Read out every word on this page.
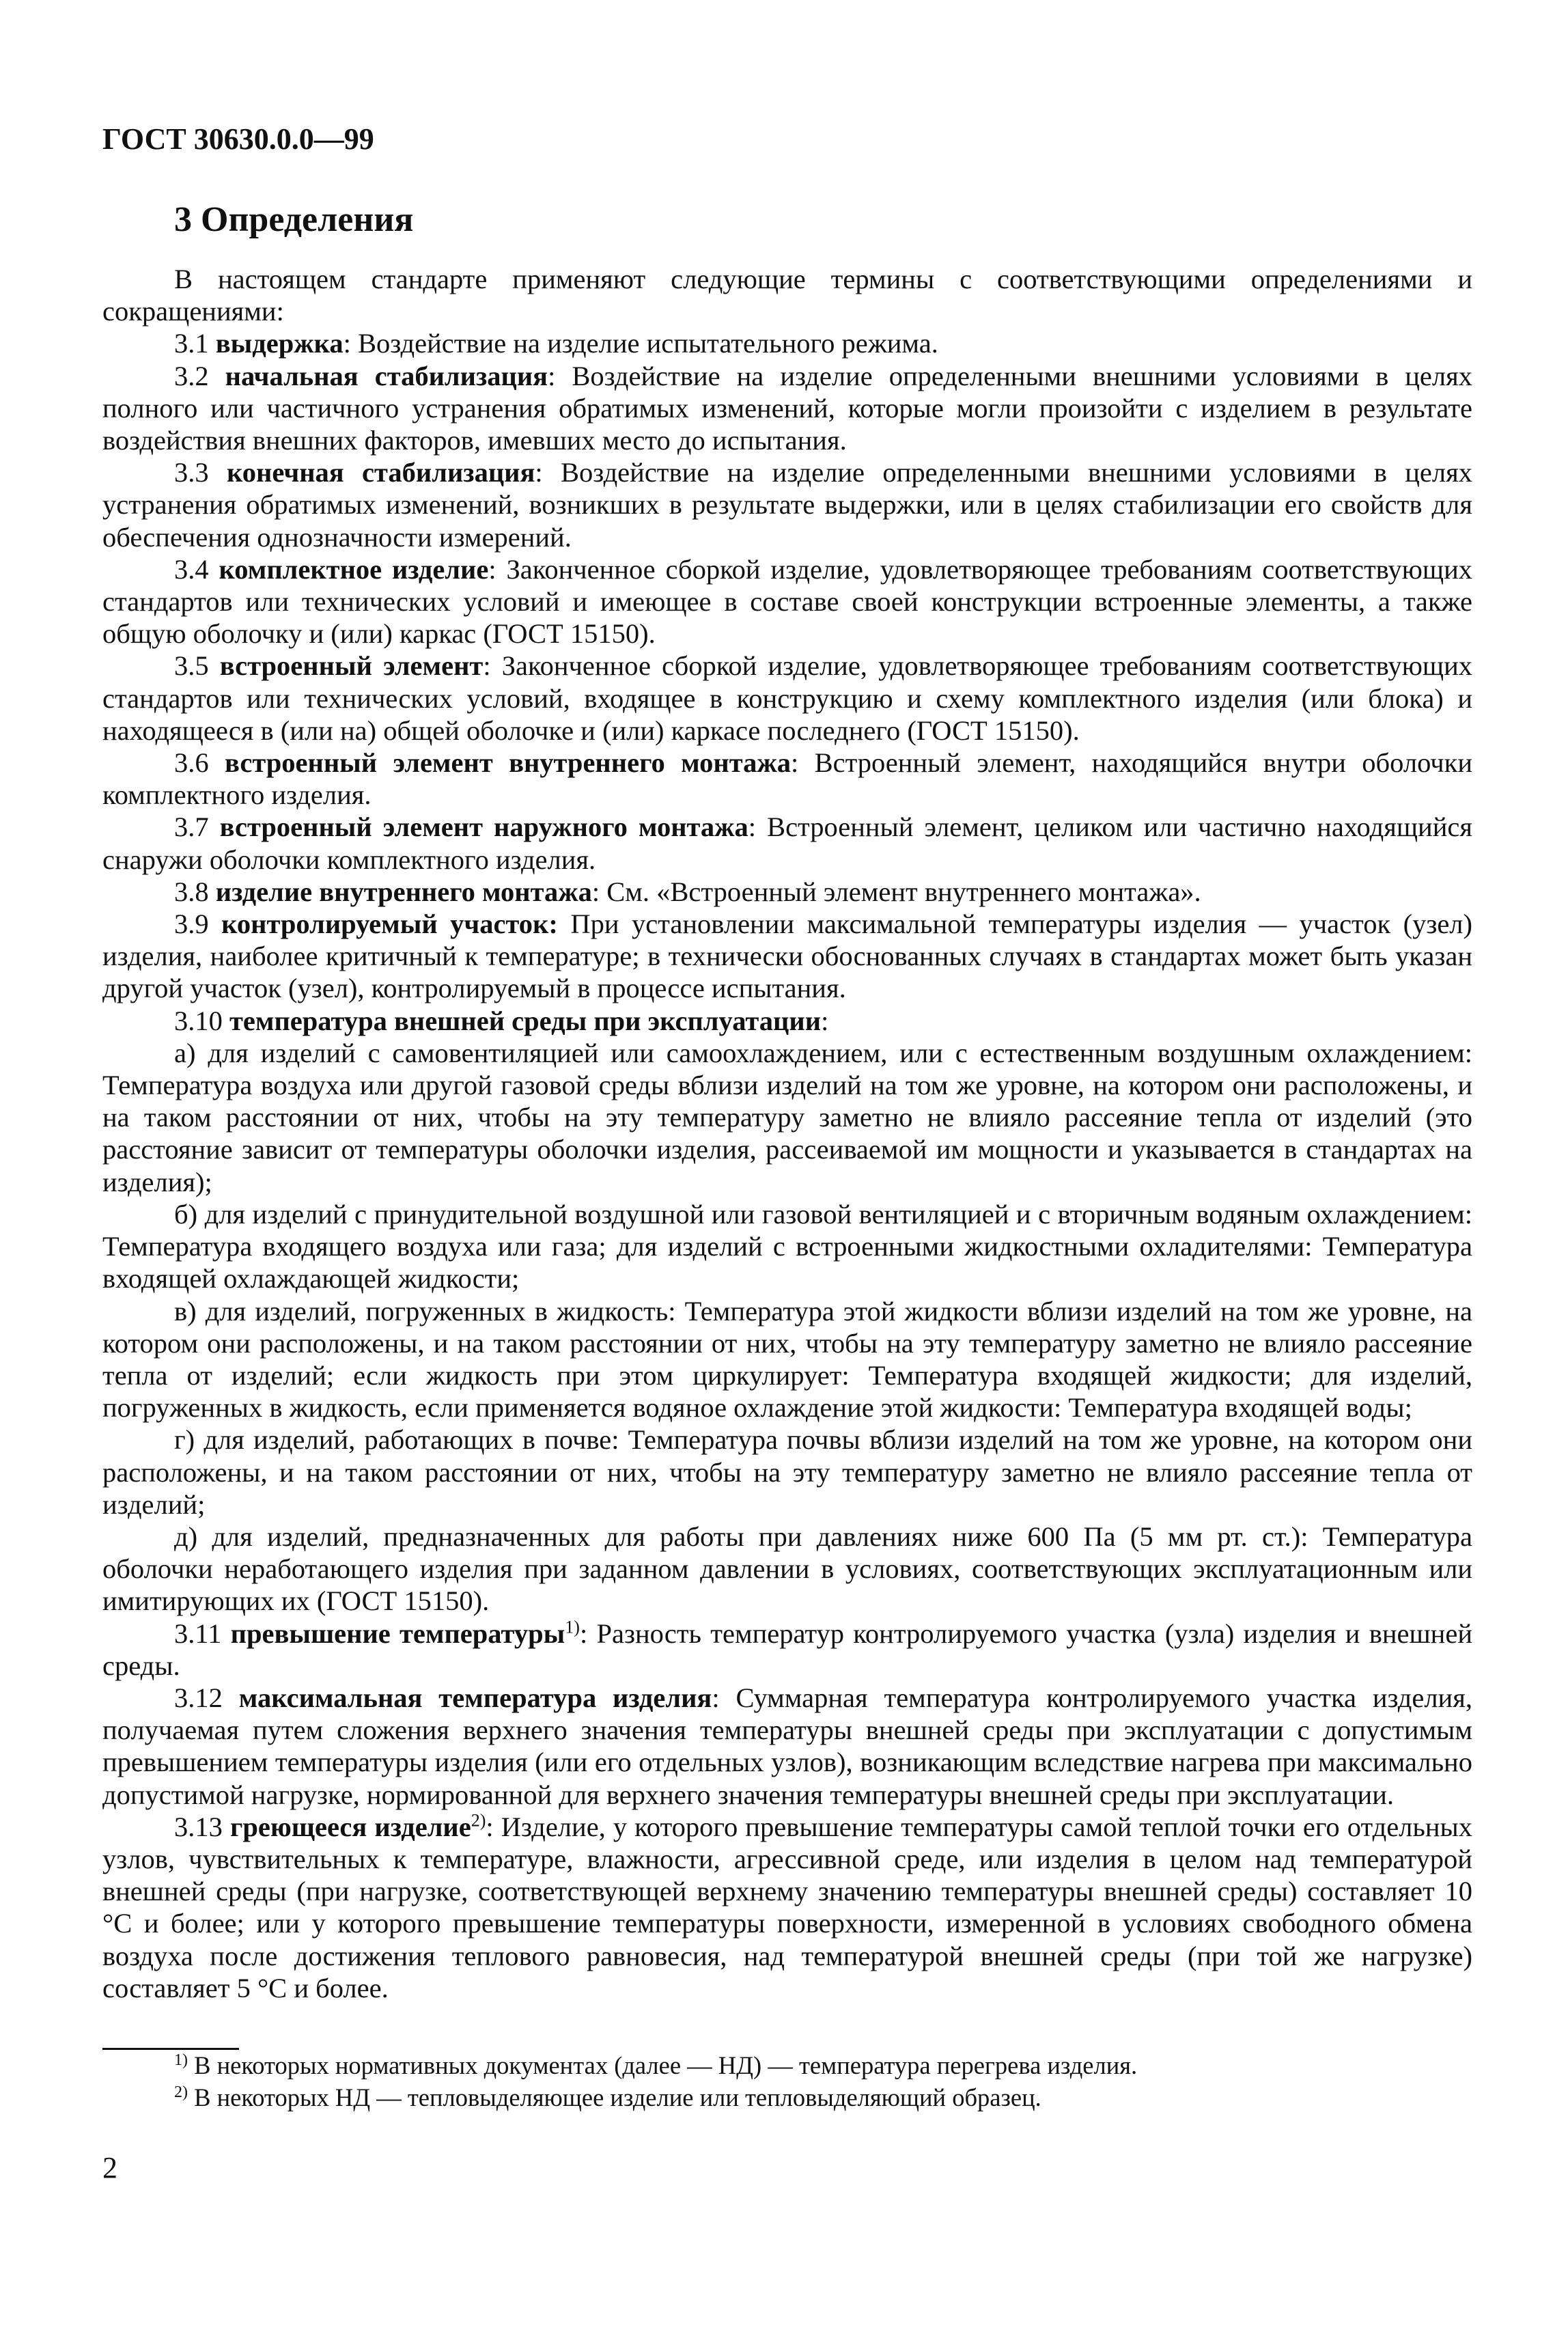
ГОСТ 30630.0.0—99
3 Определения

В настоящем стандарте применяют следующие термины с соответствующими определениями и сокращениями:

3.1 выдержка: Воздействие на изделие испытательного режима.

3.2 начальная стабилизация: Воздействие на изделие определенными внешними условиями в целях полного или частичного устранения обратимых изменений, которые могли произойти с изделием в результате воздействия внешних факторов, имевших место до испытания.

3.3 конечная стабилизация: Воздействие на изделие определенными внешними условиями в целях устранения обратимых изменений, возникших в результате выдержки, или в целях стабилизации его свойств для обеспечения однозначности измерений.

3.4 комплектное изделие: Законченное сборкой изделие, удовлетворяющее требованиям соответствующих стандартов или технических условий и имеющее в составе своей конструкции встроенные элементы, а также общую оболочку и (или) каркас (ГОСТ 15150).

3.5 встроенный элемент: Законченное сборкой изделие, удовлетворяющее требованиям соответствующих стандартов или технических условий, входящее в конструкцию и схему комплектного изделия (или блока) и находящееся в (или на) общей оболочке и (или) каркасе последнего (ГОСТ 15150).

3.6 встроенный элемент внутреннего монтажа: Встроенный элемент, находящийся внутри оболочки комплектного изделия.

3.7 встроенный элемент наружного монтажа: Встроенный элемент, целиком или частично находящийся снаружи оболочки комплектного изделия.

3.8 изделие внутреннего монтажа: См. «Встроенный элемент внутреннего монтажа».

3.9 контролируемый участок: При установлении максимальной температуры изделия — участок (узел) изделия, наиболее критичный к температуре; в технически обоснованных случаях в стандартах может быть указан другой участок (узел), контролируемый в процессе испытания.

3.10 температура внешней среды при эксплуатации:

а) для изделий с самовентиляцией или самоохлаждением, или с естественным воздушным охлаждением: Температура воздуха или другой газовой среды вблизи изделий на том же уровне, на котором они расположены, и на таком расстоянии от них, чтобы на эту температуру заметно не влияло рассеяние тепла от изделий (это расстояние зависит от температуры оболочки изделия, рассеиваемой им мощности и указывается в стандартах на изделия);

б) для изделий с принудительной воздушной или газовой вентиляцией и с вторичным водяным охлаждением: Температура входящего воздуха или газа; для изделий с встроенными жидкостными охладителями: Температура входящей охлаждающей жидкости;

в) для изделий, погруженных в жидкость: Температура этой жидкости вблизи изделий на том же уровне, на котором они расположены, и на таком расстоянии от них, чтобы на эту температуру заметно не влияло рассеяние тепла от изделий; если жидкость при этом циркулирует: Температура входящей жидкости; для изделий, погруженных в жидкость, если применяется водяное охлаждение этой жидкости: Температура входящей воды;

г) для изделий, работающих в почве: Температура почвы вблизи изделий на том же уровне, на котором они расположены, и на таком расстоянии от них, чтобы на эту температуру заметно не влияло рассеяние тепла от изделий;

д) для изделий, предназначенных для работы при давлениях ниже 600 Па (5 мм рт. ст.): Температура оболочки неработающего изделия при заданном давлении в условиях, соответствующих эксплуатационным или имитирующих их (ГОСТ 15150).

3.11 превышение температуры$^{1)}$: Разность температур контролируемого участка (узла) изделия и внешней среды.

3.12 максимальная температура изделия: Суммарная температура контролируемого участка изделия, получаемая путем сложения верхнего значения температуры внешней среды при эксплуатации с допустимым превышением температуры изделия (или его отдельных узлов), возникающим вследствие нагрева при максимально допустимой нагрузке, нормированной для верхнего значения температуры внешней среды при эксплуатации.

3.13 греющееся изделие$^{2)}$: Изделие, у которого превышение температуры самой теплой точки его отдельных узлов, чувствительных к температуре, влажности, агрессивной среде, или изделия в целом над температурой внешней среды (при нагрузке, соответствующей верхнему значению температуры внешней среды) составляет 10 °С и более; или у которого превышение температуры поверхности, измеренной в условиях свободного обмена воздуха после достижения теплового равновесия, над температурой внешней среды (при той же нагрузке) составляет 5 °С и более.

$^{1)}$ В некоторых нормативных документах (далее — НД) — температура перегрева изделия.

$^{2)}$ В некоторых НД — тепловыделяющее изделие или тепловыделяющий образец.

2
